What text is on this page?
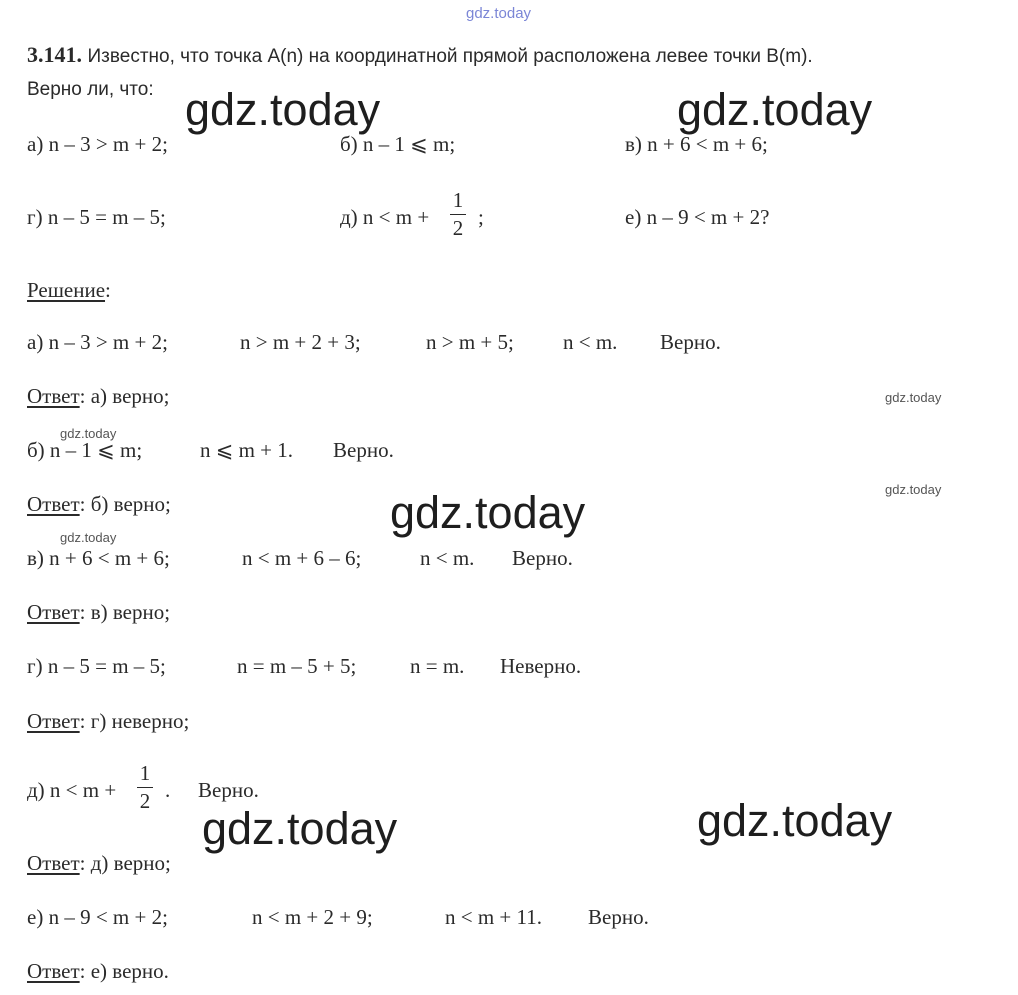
gdz.today
3.141. Известно, что точка A(n) на координатной прямой расположена левее точки B(m).
Верно ли, что: gdz.today	gdz.today
а) n – 3 > m + 2;	б) n – 1 ⩽ m;	в) n + 6 < m + 6;
г) n – 5 = m – 5;	д) n < m +
1
2 ;	е) n – 9 < m + 2?
Решение:
а) n – 3 > m + 2;	n > m + 2 + 3;	n > m + 5; n < m. Верно.
Ответ: а) верно;	gdz.today
gdz.today
б) n – 1 ⩽ m;	n ⩽ m + 1. Верно.
Ответ: б) верно;	gdz.today	gdz.today
gdz.today
в) n + 6 < m + 6;	n < m + 6 – 6;	n < m. Верно.
Ответ: в) верно;
г) n – 5 = m – 5;	n = m – 5 + 5;	n = m. Неверно.
Ответ: г) неверно;
д) n < m +
1
2 . Верно.
gdz.today	gdz.today
Ответ: д) верно;
е) n – 9 < m + 2;	n < m + 2 + 9;	n < m + 11. Верно.
Ответ: е) верно.
